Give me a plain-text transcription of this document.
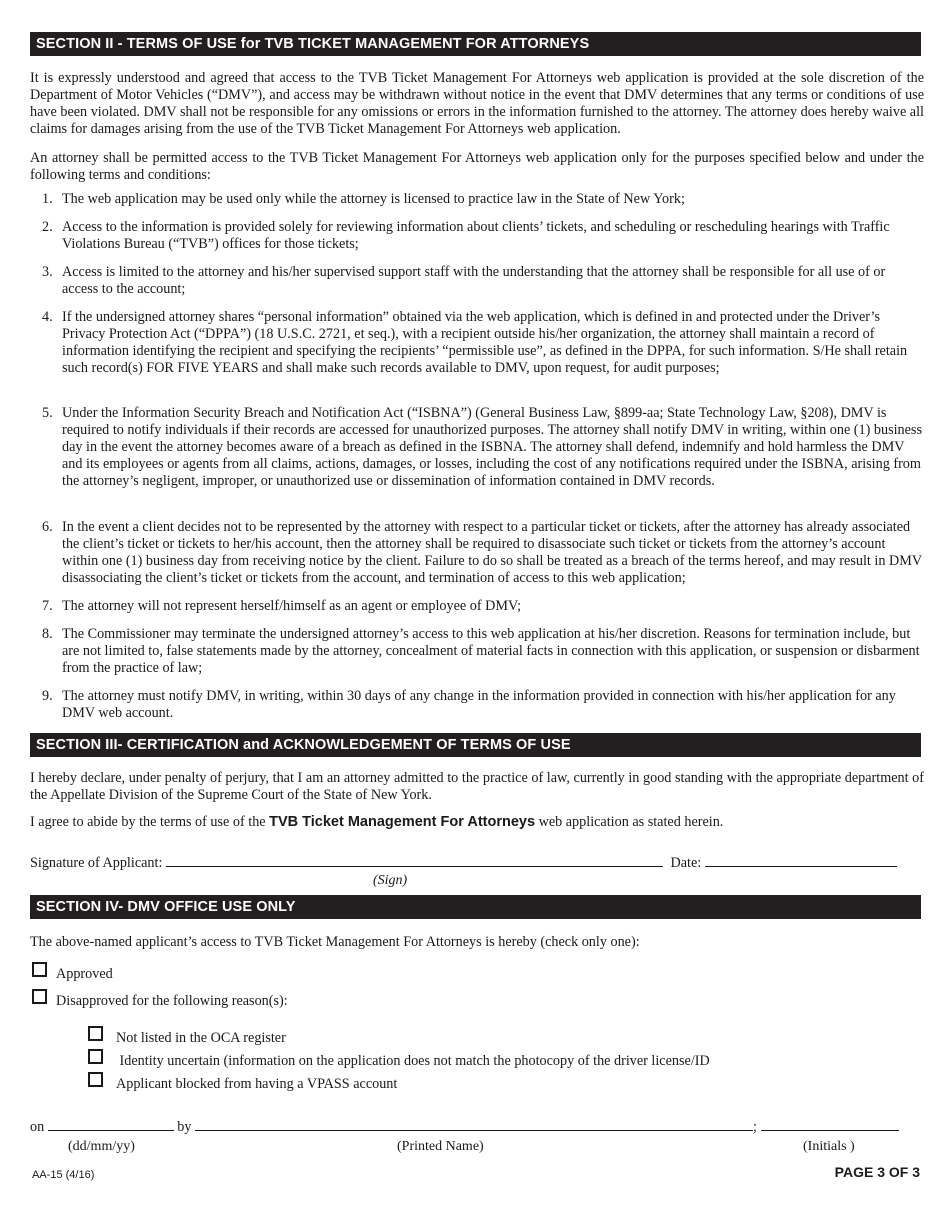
SECTION II - TERMS OF USE for TVB TICKET MANAGEMENT FOR ATTORNEYS

It is expressly understood and agreed that access to the TVB Ticket Management For Attorneys web application is provided at the sole discretion of the Department of Motor Vehicles (“DMV”), and access may be withdrawn without notice in the event that DMV determines that any terms or conditions of use have been violated. DMV shall not be responsible for any omissions or errors in the information furnished to the attorney. The attorney does hereby waive all claims for damages arising from the use of the TVB Ticket Management For Attorneys web application.

An attorney shall be permitted access to the TVB Ticket Management For Attorneys web application only for the purposes specified below and under the following terms and conditions:

1. The web application may be used only while the attorney is licensed to practice law in the State of New York;
2. Access to the information is provided solely for reviewing information about clients’ tickets, and scheduling or rescheduling hearings with Traffic Violations Bureau (“TVB”) offices for those tickets;
3. Access is limited to the attorney and his/her supervised support staff with the understanding that the attorney shall be responsible for all use of or access to the account;
4. If the undersigned attorney shares “personal information” obtained via the web application, which is defined in and protected under the Driver’s Privacy Protection Act (“DPPA”) (18 U.S.C. 2721, et seq.), with a recipient outside his/her organization, the attorney shall maintain a record of information identifying the recipient and specifying the recipients’ “permissible use”, as defined in the DPPA, for such information. S/He shall retain such record(s) FOR FIVE YEARS and shall make such records available to DMV, upon request, for audit purposes;
5. Under the Information Security Breach and Notification Act (“ISBNA”) (General Business Law, §899-aa; State Technology Law, §208), DMV is required to notify individuals if their records are accessed for unauthorized purposes. The attorney shall notify DMV in writing, within one (1) business day in the event the attorney becomes aware of a breach as defined in the ISBNA. The attorney shall defend, indemnify and hold harmless the DMV and its employees or agents from all claims, actions, damages, or losses, including the cost of any notifications required under the ISBNA, arising from the attorney’s negligent, improper, or unauthorized use or dissemination of information contained in DMV records.
6. In the event a client decides not to be represented by the attorney with respect to a particular ticket or tickets, after the attorney has already associated the client’s ticket or tickets to her/his account, then the attorney shall be required to disassociate such ticket or tickets from the attorney’s account within one (1) business day from receiving notice by the client. Failure to do so shall be treated as a breach of the terms hereof, and may result in DMV disassociating the client’s ticket or tickets from the account, and termination of access to this web application;
7. The attorney will not represent herself/himself as an agent or employee of DMV;
8. The Commissioner may terminate the undersigned attorney’s access to this web application at his/her discretion. Reasons for termination include, but are not limited to, false statements made by the attorney, concealment of material facts in connection with this application, or suspension or disbarment from the practice of law;
9. The attorney must notify DMV, in writing, within 30 days of any change in the information provided in connection with his/her application for any DMV web account.
SECTION III- CERTIFICATION and ACKNOWLEDGEMENT OF TERMS OF USE

I hereby declare, under penalty of perjury, that I am an attorney admitted to the practice of law, currently in good standing with the appropriate department of the Appellate Division of the Supreme Court of the State of New York.

I agree to abide by the terms of use of the TVB Ticket Management For Attorneys web application as stated herein.

Signature of Applicant:	Date:
(Sign)
SECTION IV- DMV OFFICE USE ONLY

The above-named applicant’s access to TVB Ticket Management For Attorneys is hereby (check only one):

Approved
Disapproved for the following reason(s):
Not listed in the OCA register
Identity uncertain (information on the application does not match the photocopy of the driver license/ID
Applicant blocked from having a VPASS account
on	by	;
(dd/mm/yy)	(Printed Name)	(Initials )
AA-15 (4/16)	PAGE 3 OF 3
